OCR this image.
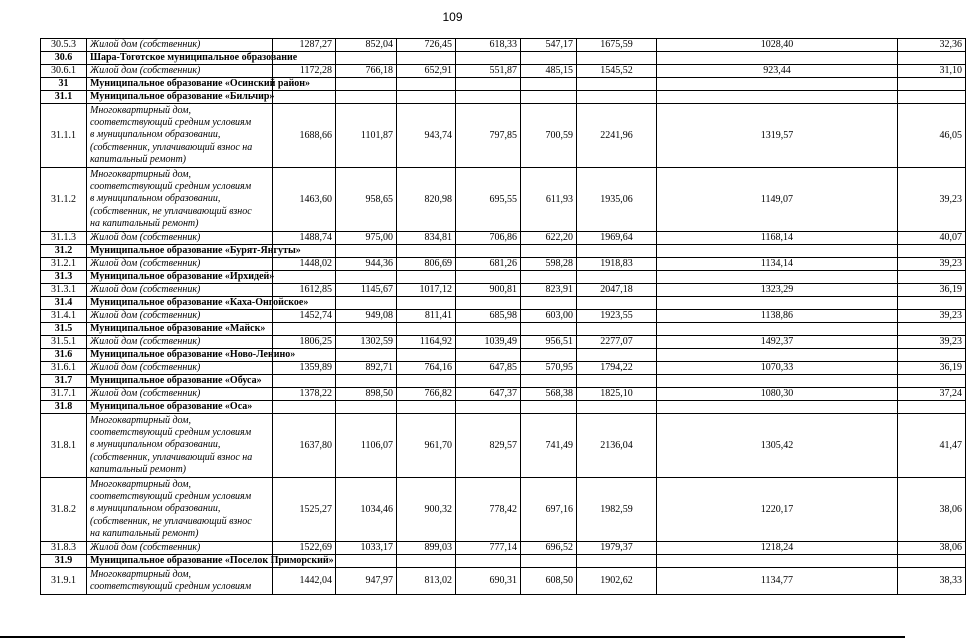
109
30.5.3	Жилой дом (собственник)	1287,27	852,04	726,45	618,33	547,17	1675,59	1028,40	32,36
30.6	Шара-Тоготское муниципальное образование								
30.6.1	Жилой дом (собственник)	1172,28	766,18	652,91	551,87	485,15	1545,52	923,44	31,10
31	Муниципальное образование «Осинский район»								
31.1	Муниципальное образование «Бильчир»								
31.1.1	Многоквартирный дом,
соответствующий средним условиям
в муниципальном образовании,
(собственник, уплачивающий взнос на
капитальный ремонт)	1688,66	1101,87	943,74	797,85	700,59	2241,96	1319,57	46,05
31.1.2	Многоквартирный дом,
соответствующий средним условиям
в муниципальном образовании,
(собственник, не уплачивающий взнос
на капитальный ремонт)	1463,60	958,65	820,98	695,55	611,93	1935,06	1149,07	39,23
31.1.3	Жилой дом (собственник)	1488,74	975,00	834,81	706,86	622,20	1969,64	1168,14	40,07
31.2	Муниципальное образование «Бурят-Янгуты»								
31.2.1	Жилой дом (собственник)	1448,02	944,36	806,69	681,26	598,28	1918,83	1134,14	39,23
31.3	Муниципальное образование «Ирхидей»								
31.3.1	Жилой дом (собственник)	1612,85	1145,67	1017,12	900,81	823,91	2047,18	1323,29	36,19
31.4	Муниципальное образование «Каха-Онгойское»								
31.4.1	Жилой дом (собственник)	1452,74	949,08	811,41	685,98	603,00	1923,55	1138,86	39,23
31.5	Муниципальное образование «Майск»								
31.5.1	Жилой дом (собственник)	1806,25	1302,59	1164,92	1039,49	956,51	2277,07	1492,37	39,23
31.6	Муниципальное образование «Ново-Ленино»								
31.6.1	Жилой дом (собственник)	1359,89	892,71	764,16	647,85	570,95	1794,22	1070,33	36,19
31.7	Муниципальное образование «Обуса»								
31.7.1	Жилой дом (собственник)	1378,22	898,50	766,82	647,37	568,38	1825,10	1080,30	37,24
31.8	Муниципальное образование «Оса»								
31.8.1	Многоквартирный дом,
соответствующий средним условиям
в муниципальном образовании,
(собственник, уплачивающий взнос на
капитальный ремонт)	1637,80	1106,07	961,70	829,57	741,49	2136,04	1305,42	41,47
31.8.2	Многоквартирный дом,
соответствующий средним условиям
в муниципальном образовании,
(собственник, не уплачивающий взнос
на капитальный ремонт)	1525,27	1034,46	900,32	778,42	697,16	1982,59	1220,17	38,06
31.8.3	Жилой дом (собственник)	1522,69	1033,17	899,03	777,14	696,52	1979,37	1218,24	38,06
31.9	Муниципальное образование «Поселок Приморский»								
31.9.1	Многоквартирный дом,
соответствующий средним условиям	1442,04	947,97	813,02	690,31	608,50	1902,62	1134,77	38,33
